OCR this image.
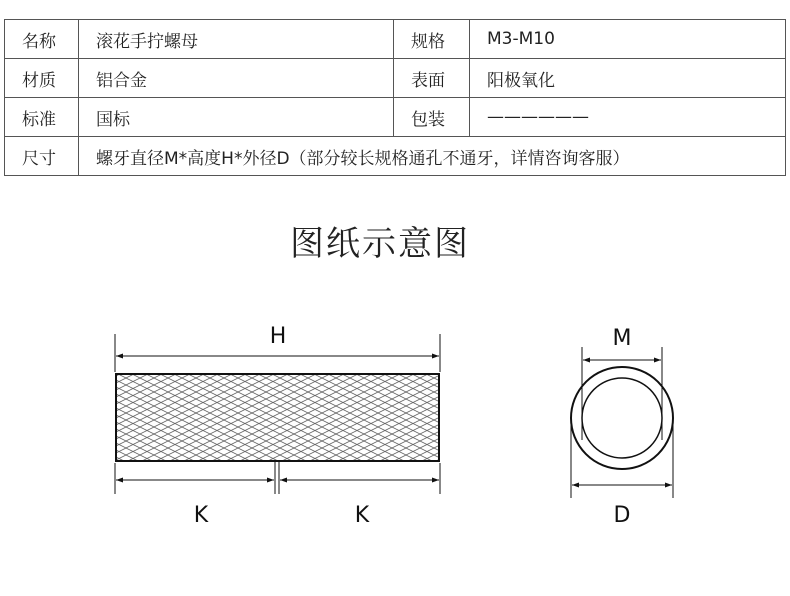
名称	滚花手拧螺母	规格	M3-M10
材质	铝合金	表面	阳极氧化
标准	国标	包装	——————
尺寸	螺牙直径M*高度H*外径D（部分较长规格通孔不通牙，详情咨询客服）		
图纸示意图
H
K	K
M
D
